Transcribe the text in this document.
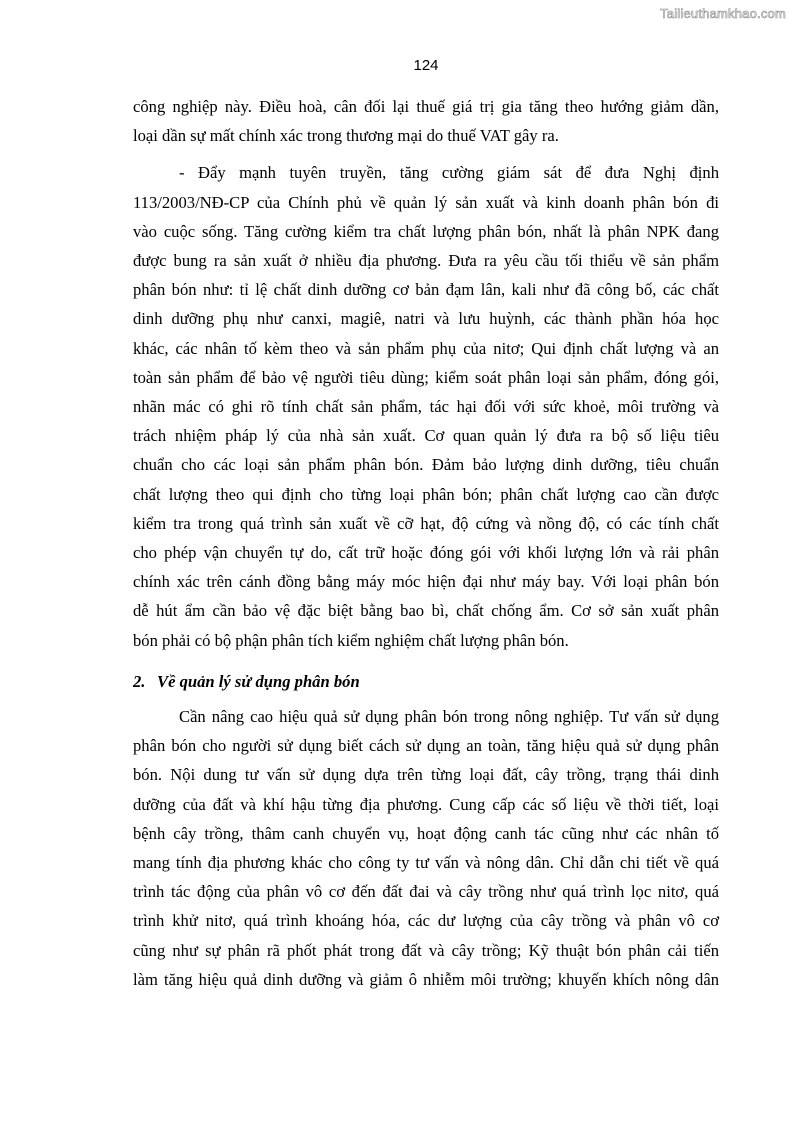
Tailieuthamkhao.com
124
công nghiệp này. Điều hoà, cân đối lại thuế giá trị gia tăng theo hướng giảm dần,
loại dần sự mất chính xác trong thương mại do thuế VAT gây ra.
- Đẩy mạnh tuyên truyền, tăng cường giám sát để đưa Nghị định
113/2003/NĐ-CP của Chính phủ về quản lý sản xuất và kinh doanh phân bón đi
vào cuộc sống. Tăng cường kiểm tra chất lượng phân bón, nhất là phân NPK đang
được bung ra sản xuất ở nhiều địa phương. Đưa ra yêu cầu tối thiểu về sản phẩm
phân bón như: tỉ lệ chất dinh dưỡng cơ bản đạm lân, kali như đã công bố, các chất
dinh dưỡng phụ như canxi, magiê, natri và lưu huỳnh, các thành phần hóa học
khác, các nhân tố kèm theo và sản phẩm phụ của nitơ; Qui định chất lượng và an
toàn sản phẩm để bảo vệ người tiêu dùng; kiểm soát phân loại sản phẩm, đóng gói,
nhãn mác có ghi rõ tính chất sản phẩm, tác hại đối với sức khoẻ, môi trường và
trách nhiệm pháp lý của nhà sản xuất. Cơ quan quản lý đưa ra bộ số liệu tiêu
chuẩn cho các loại sản phẩm phân bón. Đảm bảo lượng dinh dưỡng, tiêu chuẩn
chất lượng theo qui định cho từng loại phân bón; phân chất lượng cao cần được
kiểm tra trong quá trình sản xuất về cỡ hạt, độ cứng và nồng độ, có các tính chất
cho phép vận chuyển tự do, cất trữ hoặc đóng gói với khối lượng lớn và rải phân
chính xác trên cánh đồng bằng máy móc hiện đại như máy bay. Với loại phân bón
dễ hút ẩm cần bảo vệ đặc biệt bằng bao bì, chất chống ẩm. Cơ sở sản xuất phân
bón phải có bộ phận phân tích kiểm nghiệm chất lượng phân bón.
2. Về quản lý sử dụng phân bón
Cần nâng cao hiệu quả sử dụng phân bón trong nông nghiệp. Tư vấn sử dụng
phân bón cho người sử dụng biết cách sử dụng an toàn, tăng hiệu quả sử dụng phân
bón. Nội dung tư vấn sử dụng dựa trên từng loại đất, cây trồng, trạng thái dinh
dưỡng của đất và khí hậu từng địa phương. Cung cấp các số liệu về thời tiết, loại
bệnh cây trồng, thâm canh chuyển vụ, hoạt động canh tác cũng như các nhân tố
mang tính địa phương khác cho công ty tư vấn và nông dân. Chỉ dẫn chi tiết về quá
trình tác động của phân vô cơ đến đất đai và cây trồng như quá trình lọc nitơ, quá
trình khử nitơ, quá trình khoáng hóa, các dư lượng của cây trồng và phân vô cơ
cũng như sự phân rã phốt phát trong đất và cây trồng; Kỹ thuật bón phân cải tiến
làm tăng hiệu quả dinh dưỡng và giảm ô nhiễm môi trường; khuyến khích nông dân
